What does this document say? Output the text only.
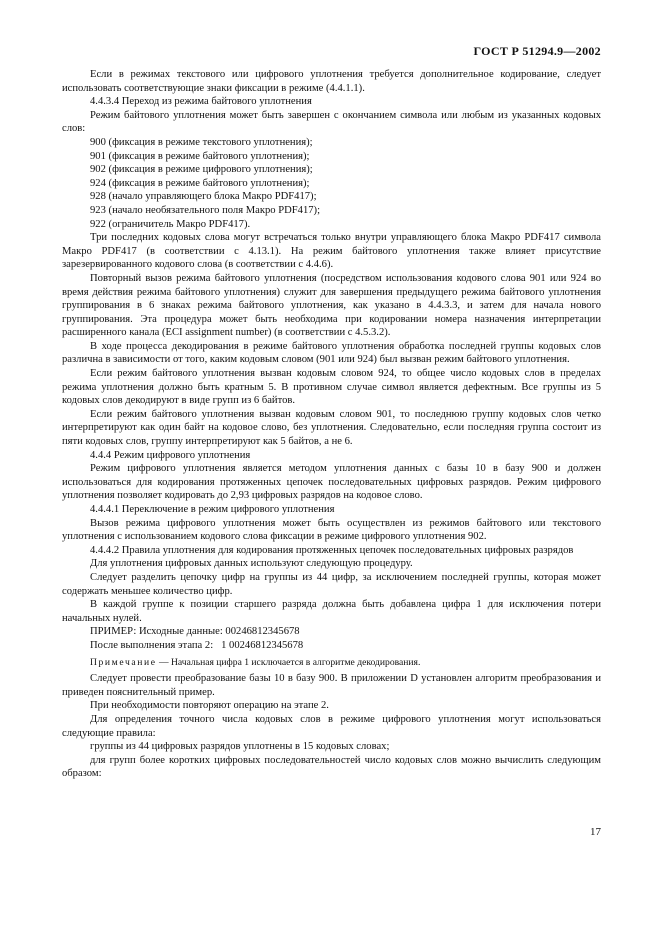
ГОСТ Р 51294.9—2002

Если в режимах текстового или цифрового уплотнения требуется дополнительное кодирование, следует использовать соответствующие знаки фиксации в режиме (4.4.1.1).

4.4.3.4 Переход из режима байтового уплотнения

Режим байтового уплотнения может быть завершен с окончанием символа или любым из указанных кодовых слов:

900 (фиксация в режиме текстового уплотнения);

901 (фиксация в режиме байтового уплотнения);

902 (фиксация в режиме цифрового уплотнения);

924 (фиксация в режиме байтового уплотнения);

928 (начало управляющего блока Макро PDF417);

923 (начало необязательного поля Макро PDF417);

922 (ограничитель Макро PDF417).

Три последних кодовых слова могут встречаться только внутри управляющего блока Макро PDF417 символа Макро PDF417 (в соответствии с 4.13.1). На режим байтового уплотнения также влияет присутствие зарезервированного кодового слова (в соответствии с 4.4.6).

Повторный вызов режима байтового уплотнения (посредством использования кодового слова 901 или 924 во время действия режима байтового уплотнения) служит для завершения предыдущего режима байтового уплотнения группирования в 6 знаках режима байтового уплотнения, как указано в 4.4.3.3, и затем для начала нового группирования. Эта процедура может быть необходима при кодировании номера назначения интерпретации расширенного канала (ECI assignment number) (в соответствии с 4.5.3.2).

В ходе процесса декодирования в режиме байтового уплотнения обработка последней группы кодовых слов различна в зависимости от того, каким кодовым словом (901 или 924) был вызван режим байтового уплотнения.

Если режим байтового уплотнения вызван кодовым словом 924, то общее число кодовых слов в пределах режима уплотнения должно быть кратным 5. В противном случае символ является дефектным. Все группы из 5 кодовых слов декодируют в виде групп из 6 байтов.

Если режим байтового уплотнения вызван кодовым словом 901, то последнюю группу кодовых слов четко интерпретируют как один байт на кодовое слово, без уплотнения. Следовательно, если последняя группа состоит из пяти кодовых слов, группу интерпретируют как 5 байтов, а не 6.

4.4.4 Режим цифрового уплотнения

Режим цифрового уплотнения является методом уплотнения данных с базы 10 в базу 900 и должен использоваться для кодирования протяженных цепочек последовательных цифровых разрядов. Режим цифрового уплотнения позволяет кодировать до 2,93 цифровых разрядов на кодовое слово.

4.4.4.1 Переключение в режим цифрового уплотнения

Вызов режима цифрового уплотнения может быть осуществлен из режимов байтового или текстового уплотнения с использованием кодового слова фиксации в режиме цифрового уплотнения 902.

4.4.4.2 Правила уплотнения для кодирования протяженных цепочек последовательных цифровых разрядов

Для уплотнения цифровых данных используют следующую процедуру.

Следует разделить цепочку цифр на группы из 44 цифр, за исключением последней группы, которая может содержать меньшее количество цифр.

В каждой группе к позиции старшего разряда должна быть добавлена цифра 1 для исключения потери начальных нулей.

ПРИМЕР: Исходные данные: 00246812345678

После выполнения этапа 2:   1 00246812345678

Примечание — Начальная цифра 1 исключается в алгоритме декодирования.

Следует провести преобразование базы 10 в базу 900. В приложении D установлен алгоритм преобразования и приведен пояснительный пример.

При необходимости повторяют операцию на этапе 2.

Для определения точного числа кодовых слов в режиме цифрового уплотнения могут использоваться следующие правила:

группы из 44 цифровых разрядов уплотнены в 15 кодовых словах;

для групп более коротких цифровых последовательностей число кодовых слов можно вычислить следующим образом:

17
